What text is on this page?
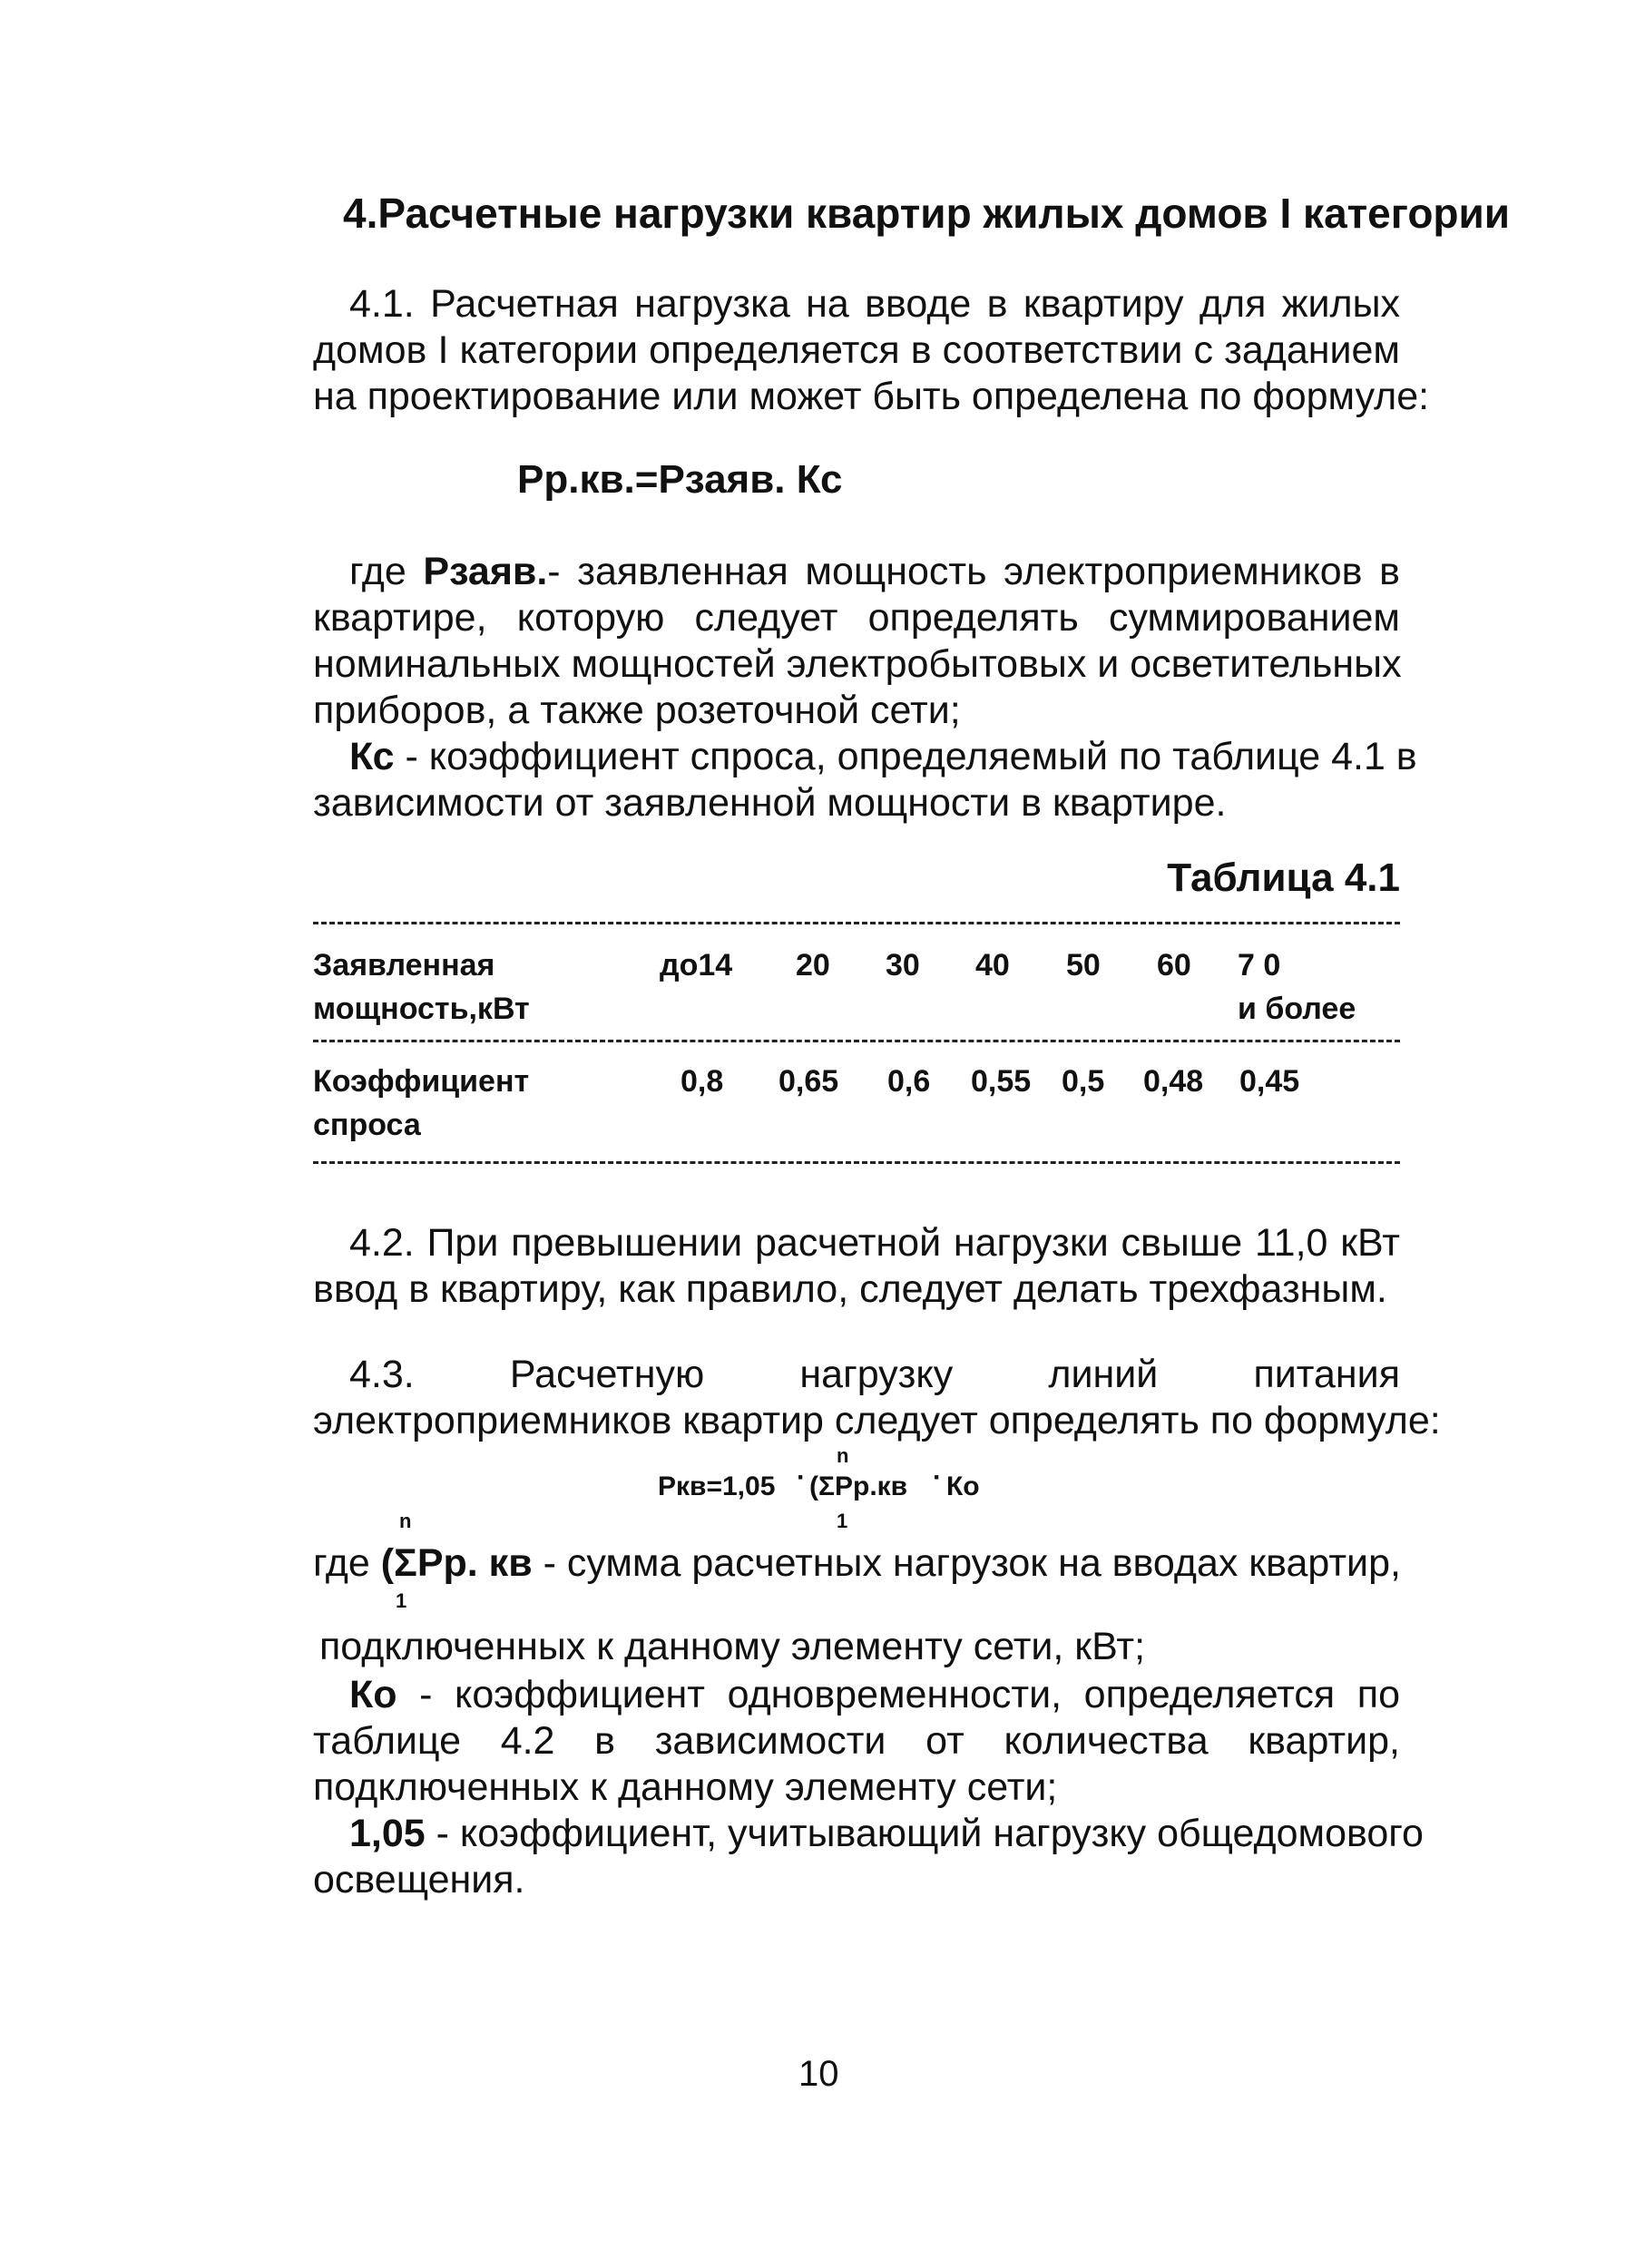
4.Расчетные нагрузки квартир жилых домов I категории
4.1. Расчетная нагрузка на вводе в квартиру для жилых
домов I категории определяется в соответствии с заданием
на проектирование или может быть определена по формуле:
Рр.кв.=Рзаяв. Кс
где Рзаяв.- заявленная мощность электроприемников в
квартире, которую следует определять суммированием
номинальных мощностей электробытовых и осветительных
приборов, а также розеточной сети;
Кс - коэффициент спроса, определяемый по таблице 4.1 в
зависимости от заявленной мощности в квартире.
Таблица 4.1
Заявленная
мощность,кВт
до14 20 30 40 50 60 7 0
и более
Коэффициент
спроса
0,8 0,65 0,6 0,55 0,5 0,48 0,45
4.2. При превышении расчетной нагрузки свыше 11,0 кВт
ввод в квартиру, как правило, следует делать трехфазным.
4.3. Расчетную нагрузку линий питания
электроприемников квартир следует определять по формуле:
n
Ркв=1,05 · (ΣРр.кв · Ко
1
n
где (ΣРр. кв - сумма расчетных нагрузок на вводах квартир,
1
подключенных к данному элементу сети, кВт;
Ко - коэффициент одновременности, определяется по
таблице 4.2 в зависимости от количества квартир,
подключенных к данному элементу сети;
1,05 - коэффициент, учитывающий нагрузку общедомового
освещения.
10
